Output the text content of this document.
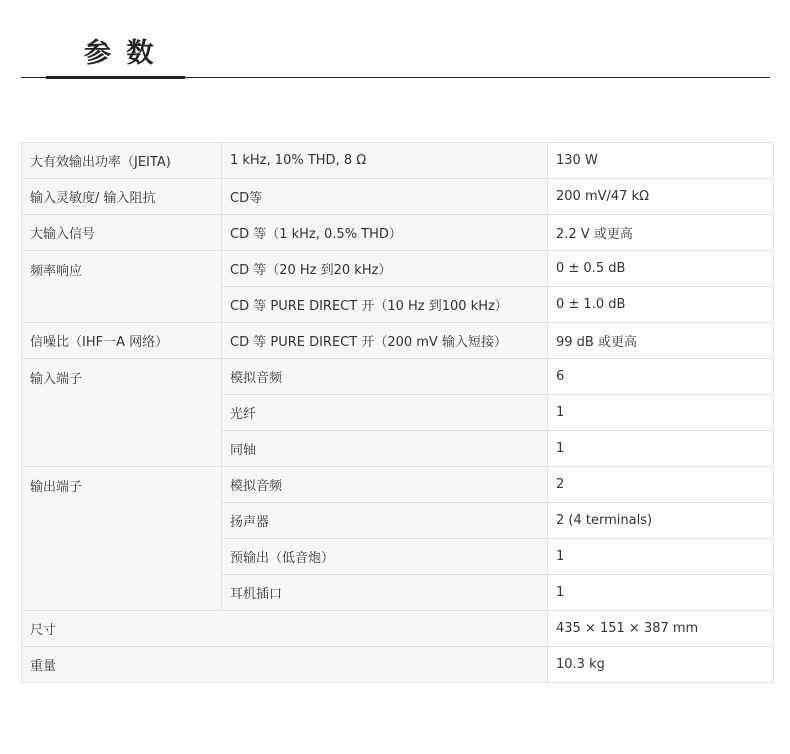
参 数
大有效输出功率（JEITA)	1 kHz, 10% THD, 8 Ω	130 W
输入灵敏度/ 输入阻抗	CD等	200 mV/47 kΩ
大输入信号	CD 等（1 kHz, 0.5% THD）	2.2 V 或更高
频率响应	CD 等（20 Hz 到20 kHz）	0 ± 0.5 dB
	CD 等 PURE DIRECT 开（10 Hz 到100 kHz）	0 ± 1.0 dB
信噪比（IHF一A 网络）	CD 等 PURE DIRECT 开（200 mV 输入短接）	99 dB 或更高
输入端子	模拟音频	6
	光纤	1
	同轴	1
输出端子	模拟音频	2
	扬声器	2 (4 terminals)
	预输出（低音炮）	1
	耳机插口	1
尺寸		435 × 151 × 387 mm
重量		10.3 kg
